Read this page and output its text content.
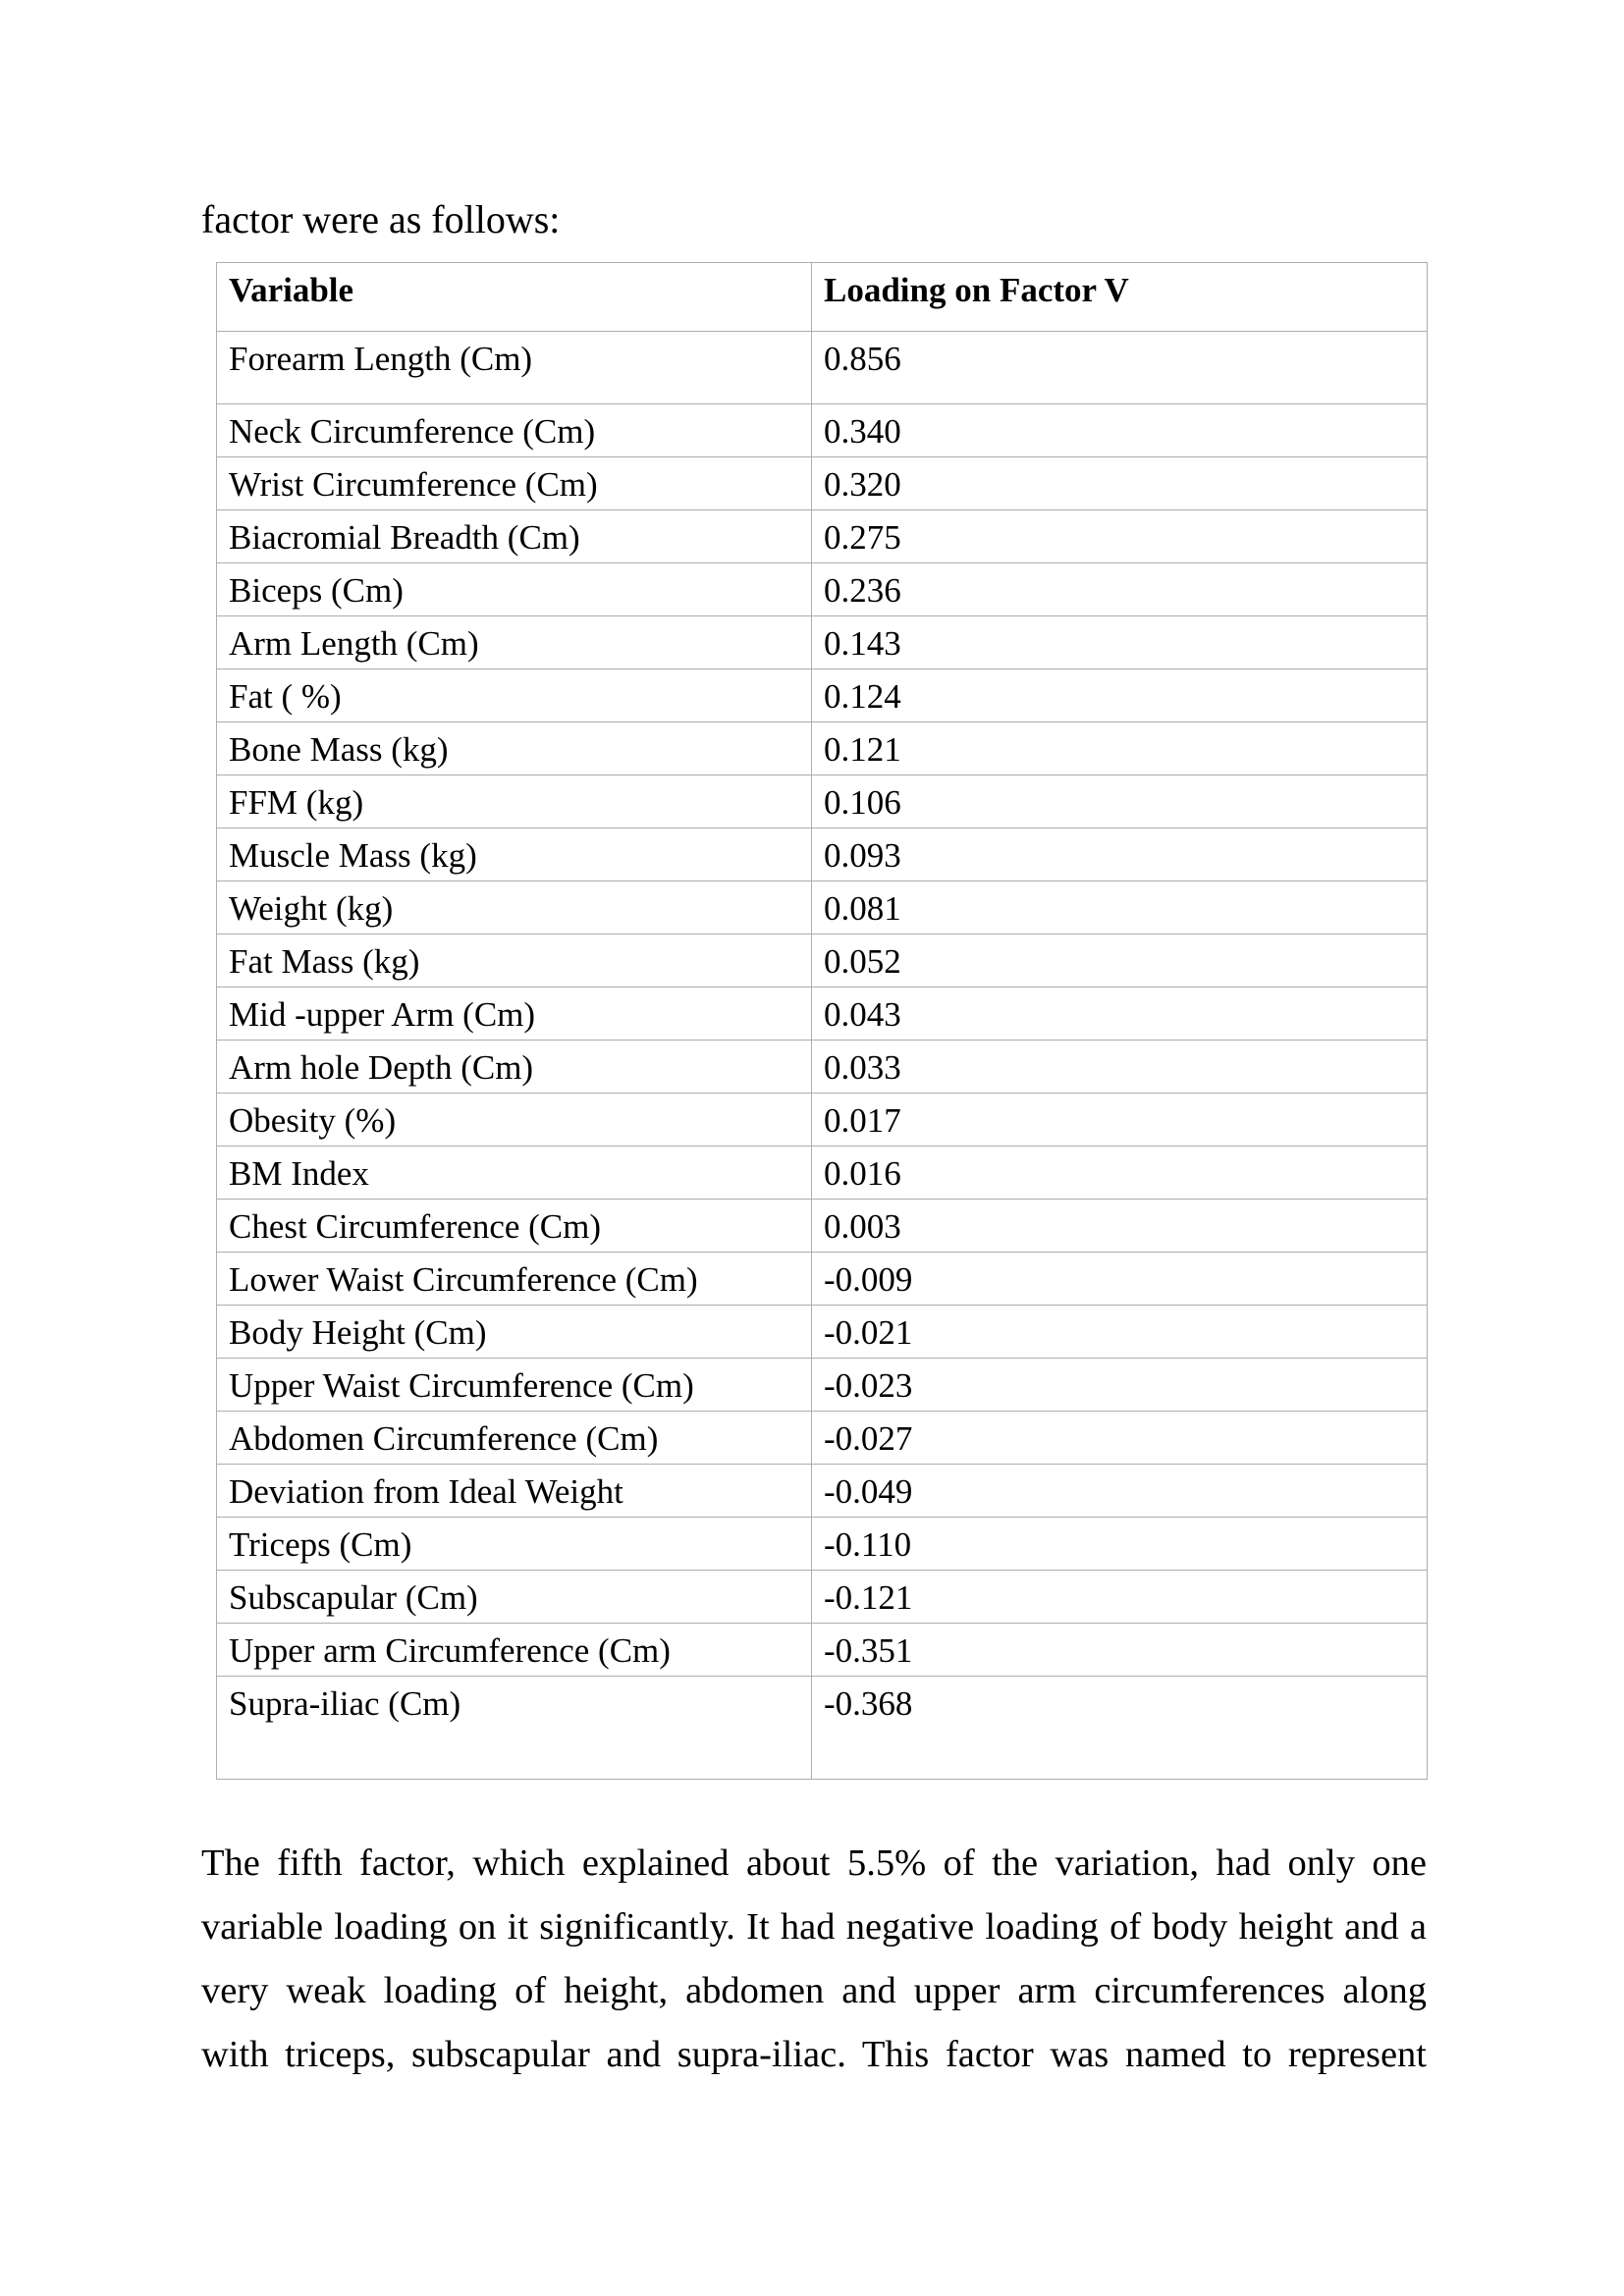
factor were as follows:

Variable	Loading on Factor V
Forearm Length (Cm)	0.856
Neck Circumference (Cm)	0.340
Wrist Circumference (Cm)	0.320
Biacromial Breadth (Cm)	0.275
Biceps (Cm)	0.236
Arm Length (Cm)	0.143
Fat ( %)	0.124
Bone Mass (kg)	0.121
FFM (kg)	0.106
Muscle Mass (kg)	0.093
Weight (kg)	0.081
Fat Mass (kg)	0.052
Mid -upper Arm (Cm)	0.043
Arm hole Depth (Cm)	0.033
Obesity (%)	0.017
BM Index	0.016
Chest Circumference (Cm)	0.003
Lower Waist Circumference (Cm)	-0.009
Body Height (Cm)	-0.021
Upper Waist Circumference (Cm)	-0.023
Abdomen Circumference (Cm)	-0.027
Deviation from Ideal Weight	-0.049
Triceps (Cm)	-0.110
Subscapular (Cm)	-0.121
Upper arm Circumference (Cm)	-0.351
Supra-iliac (Cm)	-0.368
The fifth factor, which explained about 5.5% of the variation, had only one
variable loading on it significantly. It had negative loading of body height and a
very weak loading of height, abdomen and upper arm circumferences along
with triceps, subscapular and supra-iliac. This factor was named to represent
